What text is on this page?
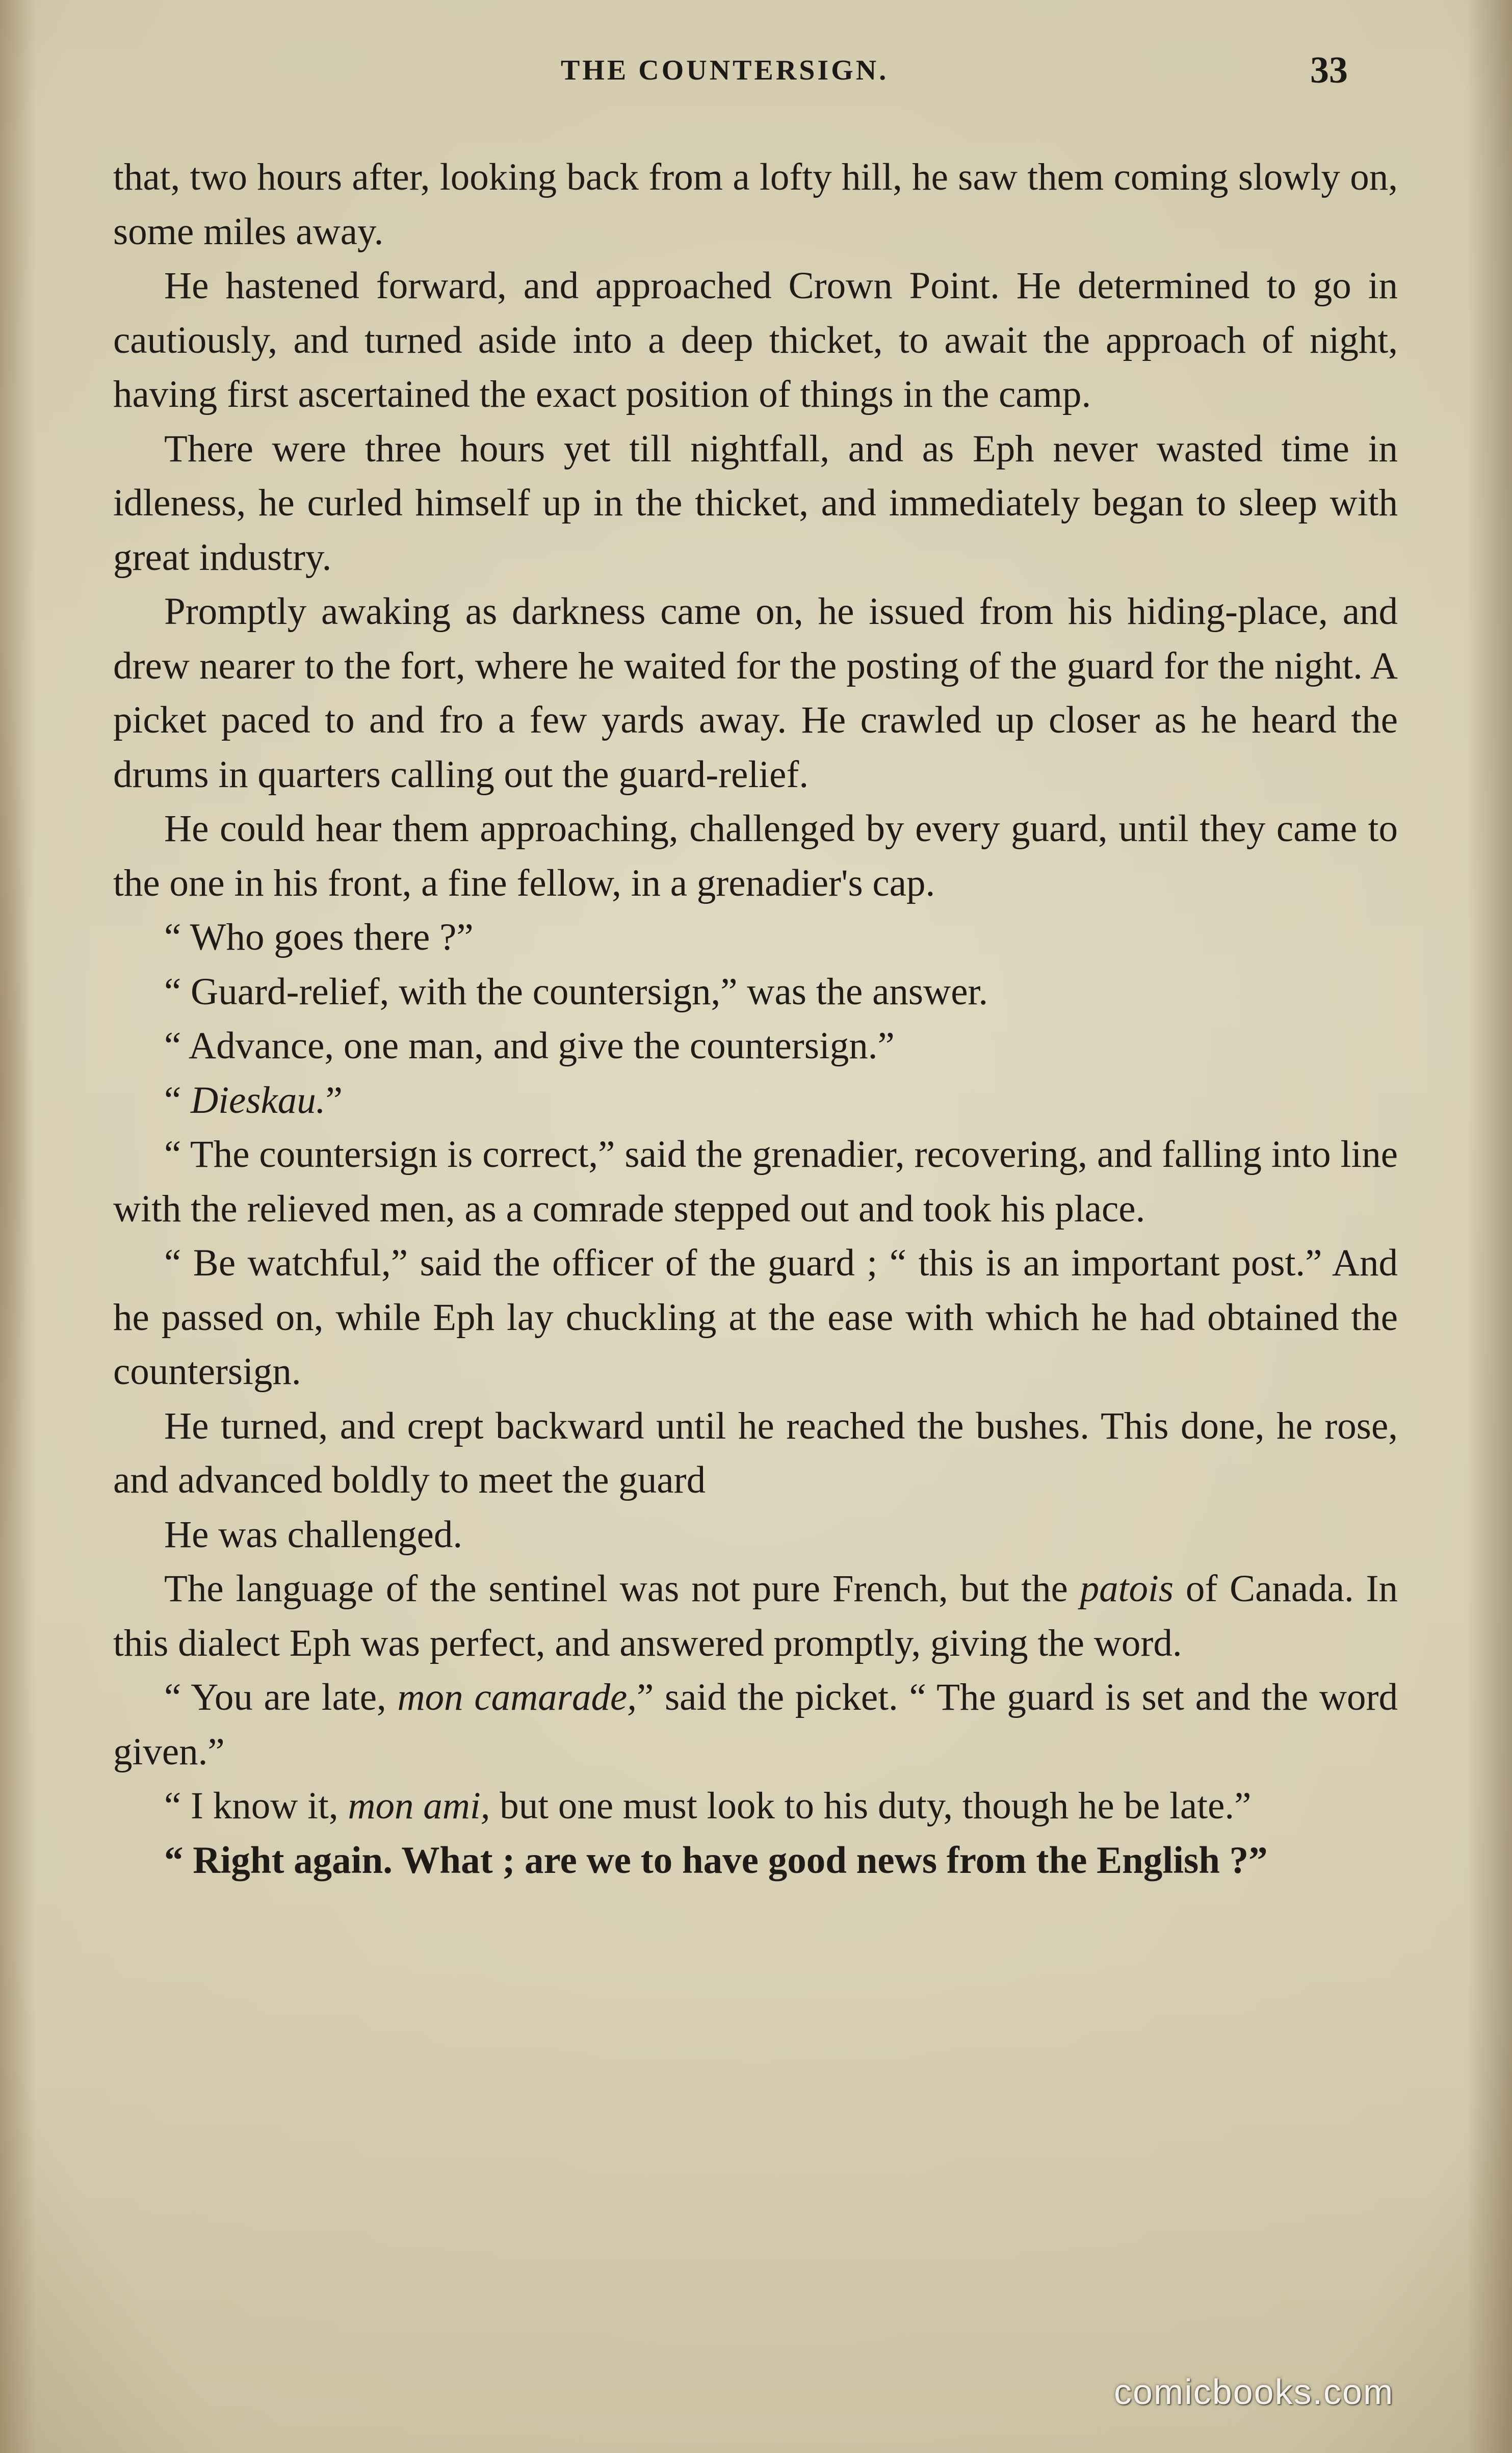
THE COUNTERSIGN.	33

that, two hours after, looking back from a lofty hill, he saw them coming slowly on, some miles away.

He hastened forward, and approached Crown Point. He determined to go in cautiously, and turned aside into a deep thicket, to await the approach of night, having first ascertained the exact position of things in the camp.

There were three hours yet till nightfall, and as Eph never wasted time in idleness, he curled himself up in the thicket, and immediately began to sleep with great industry.

Promptly awaking as darkness came on, he issued from his hiding-place, and drew nearer to the fort, where he waited for the posting of the guard for the night. A picket paced to and fro a few yards away. He crawled up closer as he heard the drums in quarters calling out the guard-relief.

He could hear them approaching, challenged by every guard, until they came to the one in his front, a fine fellow, in a grenadier's cap.

“ Who goes there ?”

“ Guard-relief, with the countersign,” was the answer.

“ Advance, one man, and give the countersign.”

“ Dieskau.”

“ The countersign is correct,” said the grenadier, recovering, and falling into line with the relieved men, as a comrade stepped out and took his place.

“ Be watchful,” said the officer of the guard ; “ this is an important post.” And he passed on, while Eph lay chuckling at the ease with which he had obtained the countersign.

He turned, and crept backward until he reached the bushes. This done, he rose, and advanced boldly to meet the guard

He was challenged.

The language of the sentinel was not pure French, but the patois of Canada. In this dialect Eph was perfect, and answered promptly, giving the word.

“ You are late, mon camarade,” said the picket. “ The guard is set and the word given.”

“ I know it, mon ami, but one must look to his duty, though he be late.”

“ Right again. What ; are we to have good news from the English ?”

comicbooks.com
